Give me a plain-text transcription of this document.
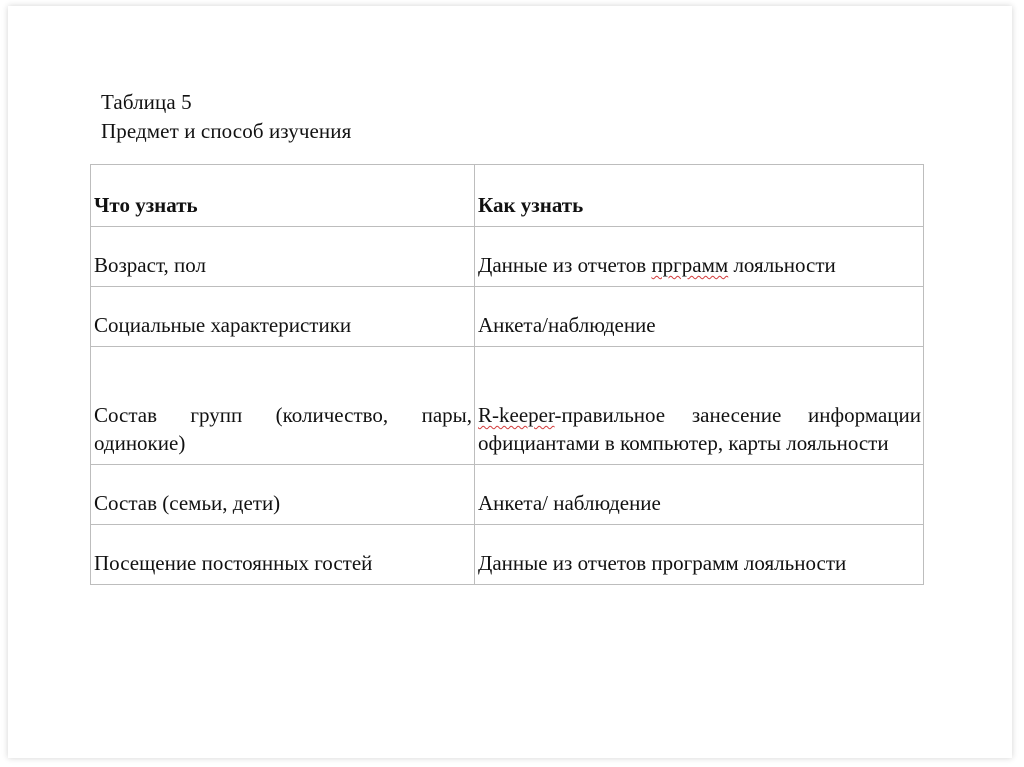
Таблица 5
Предмет и способ изучения
Что узнать	Как узнать
Возраст, пол	Данные из отчетов прграмм лояльности
Социальные характеристики	Анкета/наблюдение
Состав групп (количество, пары, одинокие)	R-keeper-правильное занесение информации официантами в компьютер, карты лояльности
Состав (семьи, дети)	Анкета/ наблюдение
Посещение постоянных гостей	Данные из отчетов программ лояльности
